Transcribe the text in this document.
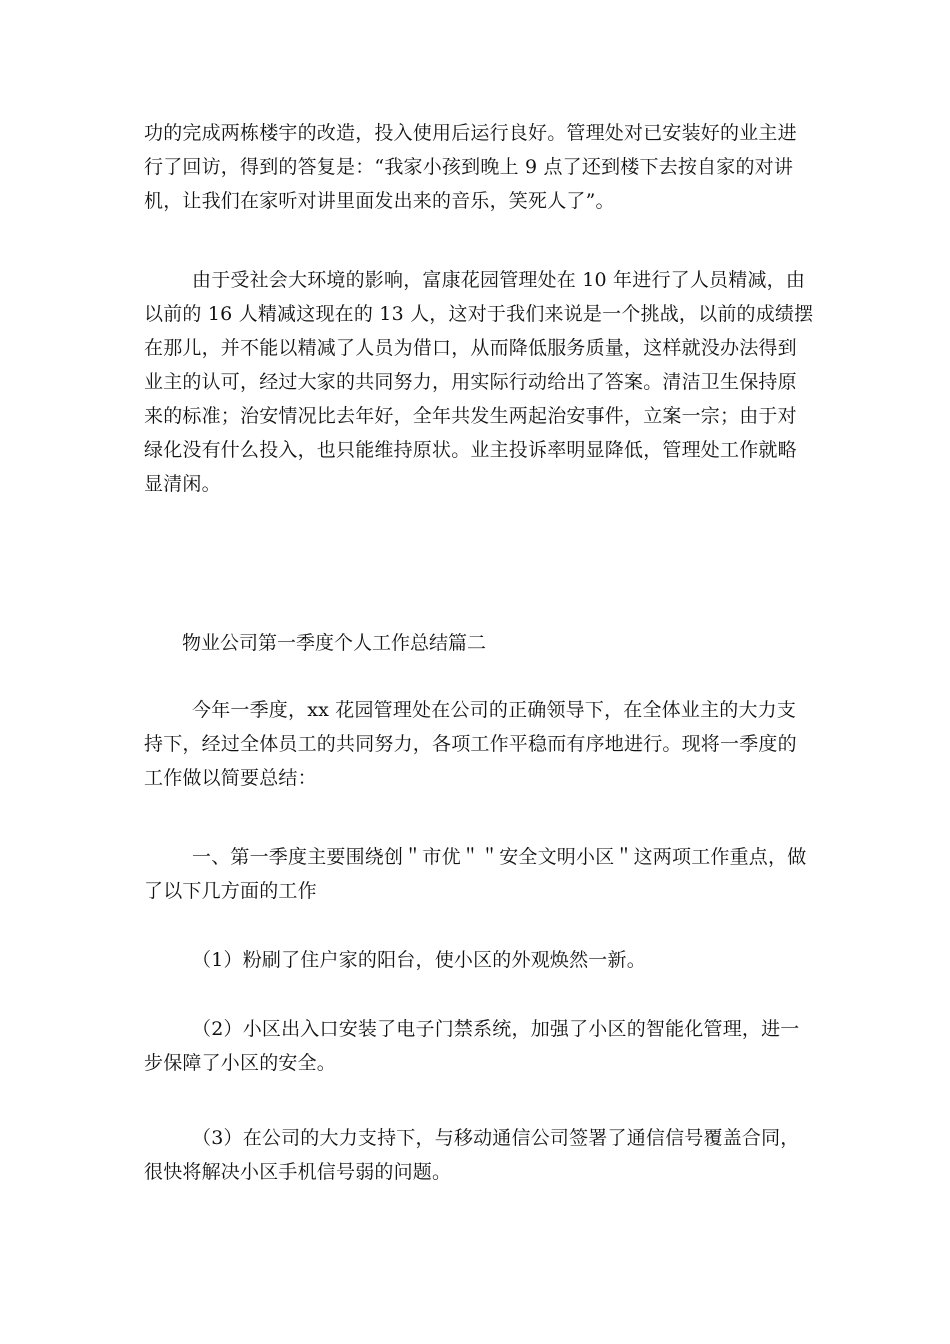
功的完成两栋楼宇的改造，投入使用后运行良好。管理处对已安装好的业主进
行了回访，得到的答复是：“我家小孩到晚上 9 点了还到楼下去按自家的对讲
机，让我们在家听对讲里面发出来的音乐，笑死人了”。

由于受社会大环境的影响，富康花园管理处在 10 年进行了人员精减，由
以前的 16 人精减这现在的 13 人，这对于我们来说是一个挑战，以前的成绩摆
在那儿，并不能以精减了人员为借口，从而降低服务质量，这样就没办法得到
业主的认可，经过大家的共同努力，用实际行动给出了答案。清洁卫生保持原
来的标准；治安情况比去年好，全年共发生两起治安事件，立案一宗；由于对
绿化没有什么投入，也只能维持原状。业主投诉率明显降低，管理处工作就略
显清闲。

物业公司第一季度个人工作总结篇二

今年一季度，xx 花园管理处在公司的正确领导下，在全体业主的大力支
持下，经过全体员工的共同努力，各项工作平稳而有序地进行。现将一季度的
工作做以简要总结：

一、第一季度主要围绕创＂市优＂＂安全文明小区＂这两项工作重点，做
了以下几方面的工作

（1）粉刷了住户家的阳台，使小区的外观焕然一新。

（2）小区出入口安装了电子门禁系统，加强了小区的智能化管理，进一
步保障了小区的安全。

（3）在公司的大力支持下，与移动通信公司签署了通信信号覆盖合同，
很快将解决小区手机信号弱的问题。
